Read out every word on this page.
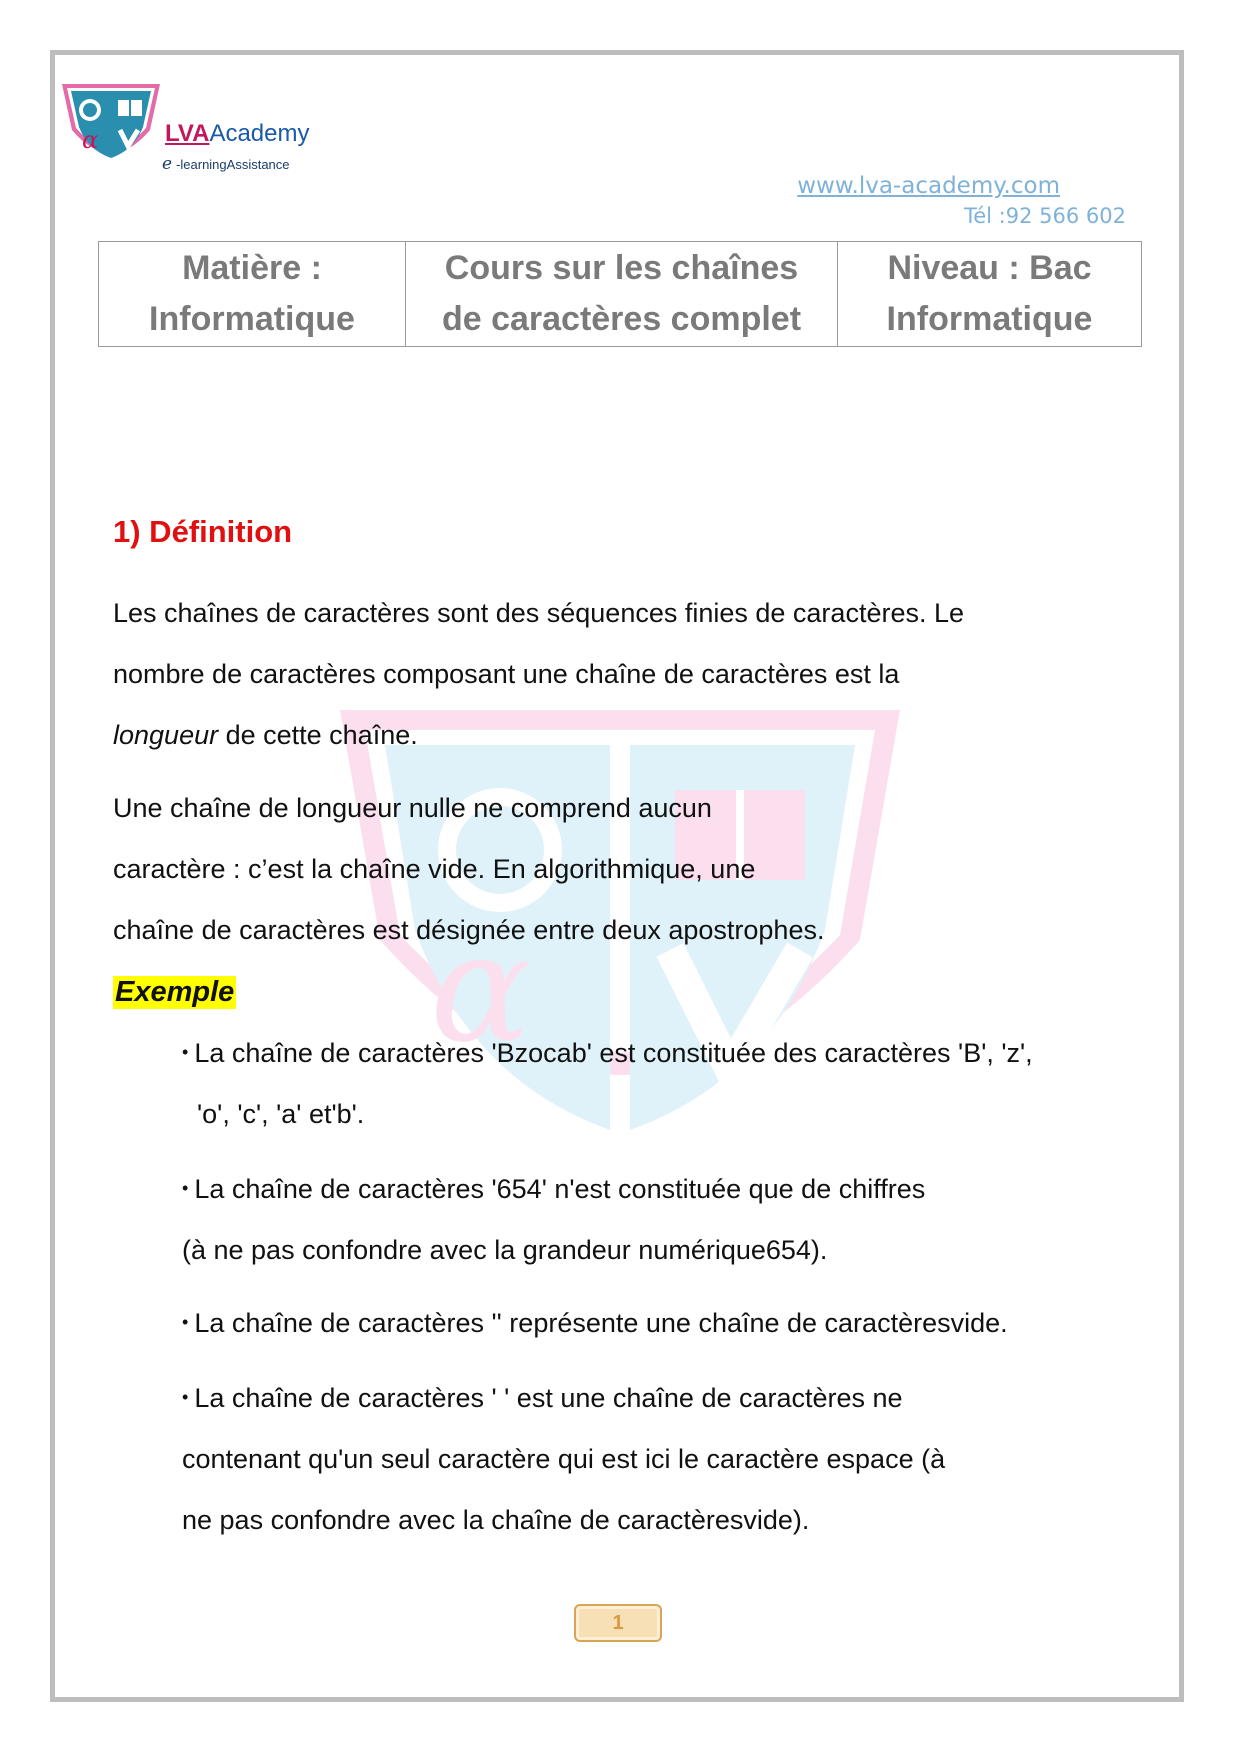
α	LVAAcademy
e -learningAssistance
www.lva-academy.com
Tél :92 566 602
Matière :
Informatique
Cours sur les chaînes
de caractères complet
Niveau : Bac
Informatique
α
1) Définition

Les chaînes de caractères sont des séquences finies de caractères. Le

nombre de caractères composant une chaîne de caractères est la

longueur de cette chaîne.

Une chaîne de longueur nulle ne comprend aucun

caractère : c’est la chaîne vide. En algorithmique, une

chaîne de caractères est désignée entre deux apostrophes.

Exemple

• La chaîne de caractères 'Bzocab' est constituée des caractères 'B', 'z',

'o', 'c', 'a' et'b'.

• La chaîne de caractères '654' n'est constituée que de chiffres

(à ne pas confondre avec la grandeur numérique654).

• La chaîne de caractères '' représente une chaîne de caractèresvide.

• La chaîne de caractères ' ' est une chaîne de caractères ne

contenant qu'un seul caractère qui est ici le caractère espace (à

ne pas confondre avec la chaîne de caractèresvide).

1
